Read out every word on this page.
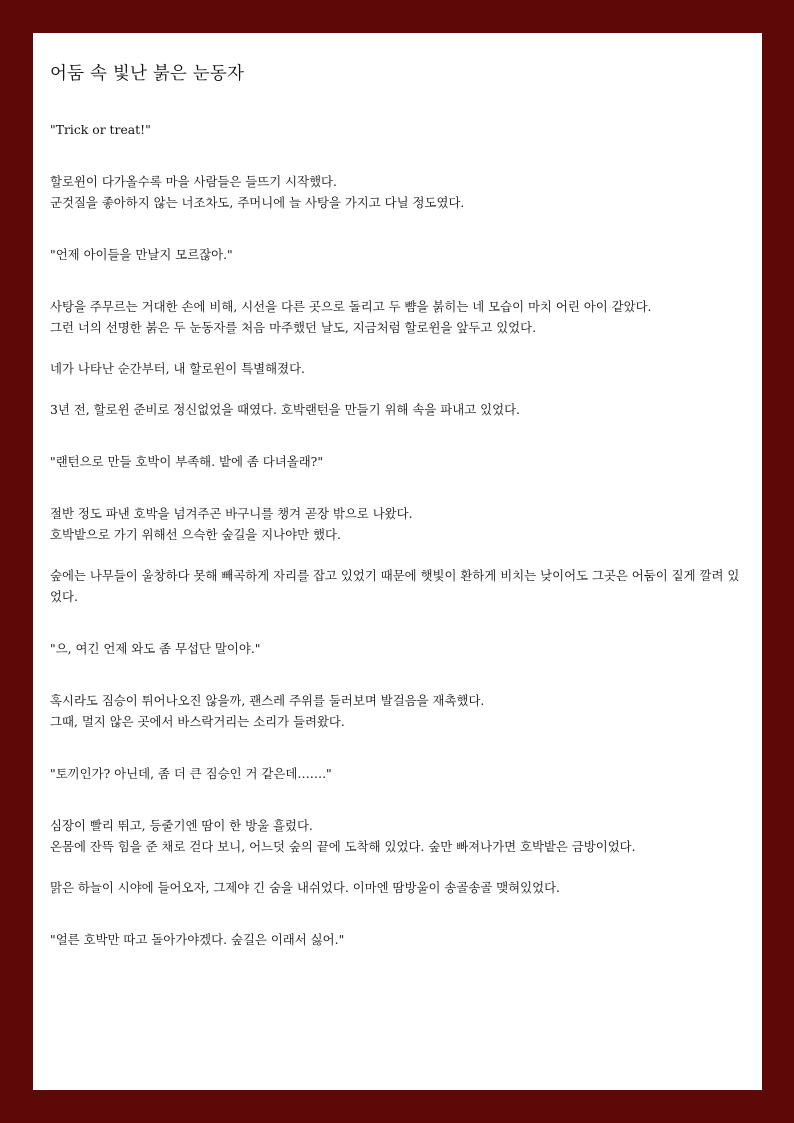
어둠 속 빛난 붉은 눈동자

"Trick or treat!"

할로윈이 다가올수록 마을 사람들은 들뜨기 시작했다.

군것질을 좋아하지 않는 너조차도, 주머니에 늘 사탕을 가지고 다닐 정도였다.

"언제 아이들을 만날지 모르잖아."

사탕을 주무르는 거대한 손에 비해, 시선을 다른 곳으로 돌리고 두 뺨을 붉히는 네 모습이 마치 어린 아이 같았다.

그런 너의 선명한 붉은 두 눈동자를 처음 마주했던 날도, 지금처럼 할로윈을 앞두고 있었다.

네가 나타난 순간부터, 내 할로윈이 특별해졌다.

3년 전, 할로윈 준비로 정신없었을 때였다. 호박랜턴을 만들기 위해 속을 파내고 있었다.

"랜턴으로 만들 호박이 부족해. 밭에 좀 다녀올래?"

절반 정도 파낸 호박을 넘겨주곤 바구니를 챙겨 곧장 밖으로 나왔다.

호박밭으로 가기 위해선 으슥한 숲길을 지나야만 했다.

숲에는 나무들이 울창하다 못해 빼곡하게 자리를 잡고 있었기 때문에 햇빛이 환하게 비치는 낮이어도 그곳은 어둠이 짙게 깔려 있었다.

"으, 여긴 언제 와도 좀 무섭단 말이야."

혹시라도 짐승이 튀어나오진 않을까, 괜스레 주위를 둘러보며 발걸음을 재촉했다.

그때, 멀지 않은 곳에서 바스락거리는 소리가 들려왔다.

"토끼인가? 아닌데, 좀 더 큰 짐승인 거 같은데……."

심장이 빨리 뛰고, 등줄기엔 땀이 한 방울 흘렀다.

온몸에 잔뜩 힘을 준 채로 걷다 보니, 어느덧 숲의 끝에 도착해 있었다. 숲만 빠져나가면 호박밭은 금방이었다.

맑은 하늘이 시야에 들어오자, 그제야 긴 숨을 내쉬었다. 이마엔 땀방울이 송골송골 맺혀있었다.

"얼른 호박만 따고 돌아가야겠다. 숲길은 이래서 싫어."
